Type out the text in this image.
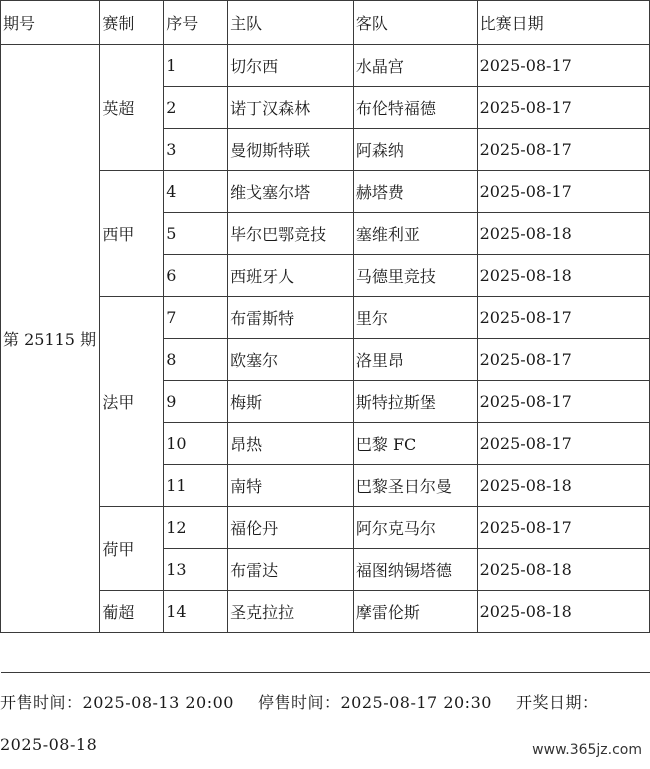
期号	赛制	序号	主队	客队	比赛日期
第 25115 期	英超	1	切尔西	水晶宫	2025-08-17
		2	诺丁汉森林	布伦特福德	2025-08-17
		3	曼彻斯特联	阿森纳	2025-08-17
	西甲	4	维戈塞尔塔	赫塔费	2025-08-17
		5	毕尔巴鄂竞技	塞维利亚	2025-08-18
		6	西班牙人	马德里竞技	2025-08-18
	法甲	7	布雷斯特	里尔	2025-08-17
		8	欧塞尔	洛里昂	2025-08-17
		9	梅斯	斯特拉斯堡	2025-08-17
		10	昂热	巴黎 FC	2025-08-17
		11	南特	巴黎圣日尔曼	2025-08-18
	荷甲	12	福伦丹	阿尔克马尔	2025-08-17
		13	布雷达	福图纳锡塔德	2025-08-18
	葡超	14	圣克拉拉	摩雷伦斯	2025-08-18

开售时间：2025-08-13 20:00 停售时间：2025-08-17 20:30 开奖日期：
2025-08-18	www.365jz.com
